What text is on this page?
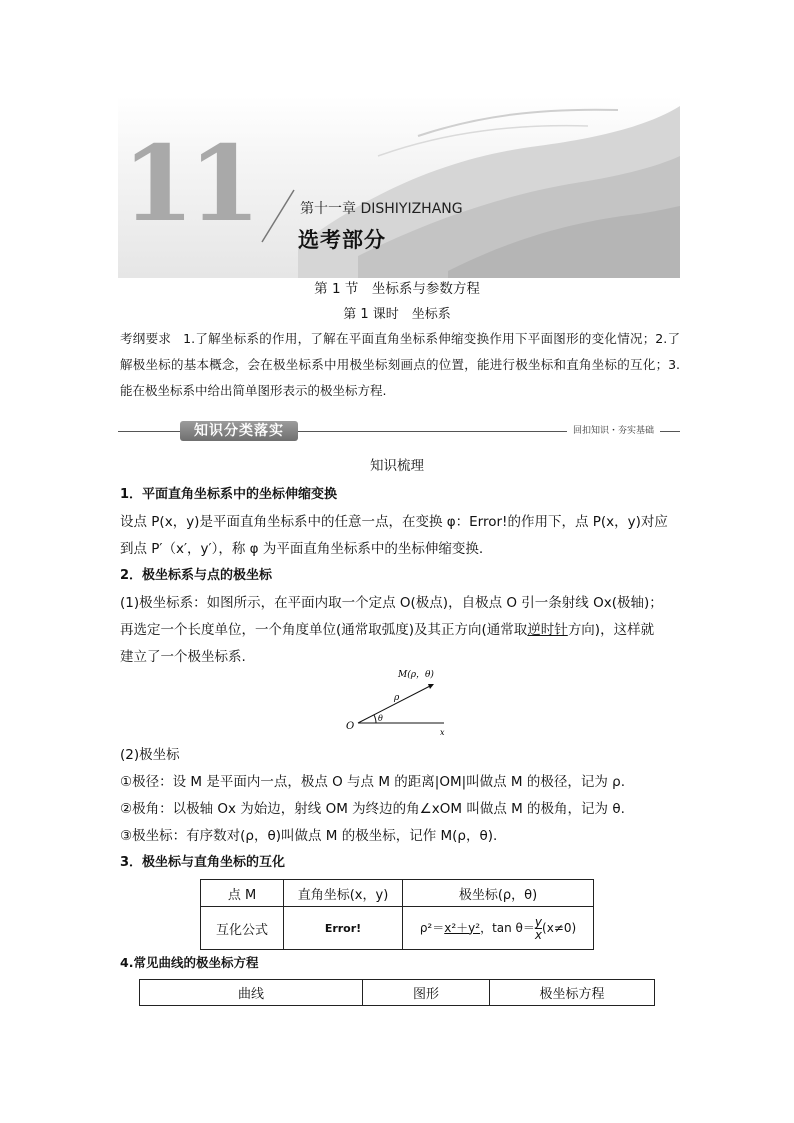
11	第十一章 DISHIYIZHANG
选考部分
第 1 节　坐标系与参数方程
第 1 课时　坐标系
考纲要求 1.了解坐标系的作用，了解在平面直角坐标系伸缩变换作用下平面图形的变化情况；2.了解极坐标的基本概念，会在极坐标系中用极坐标刻画点的位置，能进行极坐标和直角坐标的互化；3.能在极坐标系中给出简单图形表示的极坐标方程.
知识分类落实	回扣知识・夯实基础
知识梳理
1．平面直角坐标系中的坐标伸缩变换
设点 P(x，y)是平面直角坐标系中的任意一点，在变换 φ：Error!的作用下，点 P(x，y)对应
到点 P′（x′，y′），称 φ 为平面直角坐标系中的坐标伸缩变换.
2．极坐标系与点的极坐标
(1)极坐标系：如图所示，在平面内取一个定点 O(极点)，自极点 O 引一条射线 Ox(极轴)；
再选定一个长度单位，一个角度单位(通常取弧度)及其正方向(通常取逆时针方向)，这样就
建立了一个极坐标系.
M(ρ，θ)
ρ
θ
O
x
(2)极坐标
①极径：设 M 是平面内一点，极点 O 与点 M 的距离|OM|叫做点 M 的极径，记为 ρ.
②极角：以极轴 Ox 为始边，射线 OM 为终边的角∠xOM 叫做点 M 的极角，记为 θ.
③极坐标：有序数对(ρ，θ)叫做点 M 的极坐标，记作 M(ρ，θ).
3．极坐标与直角坐标的互化
点 M	直角坐标(x，y)	极坐标(ρ，θ)
互化公式	Error!	ρ²＝x²＋y²，$\tan \theta= \frac{y}{x} (x\ne 0)$
4.常见曲线的极坐标方程
曲线	图形	极坐标方程
